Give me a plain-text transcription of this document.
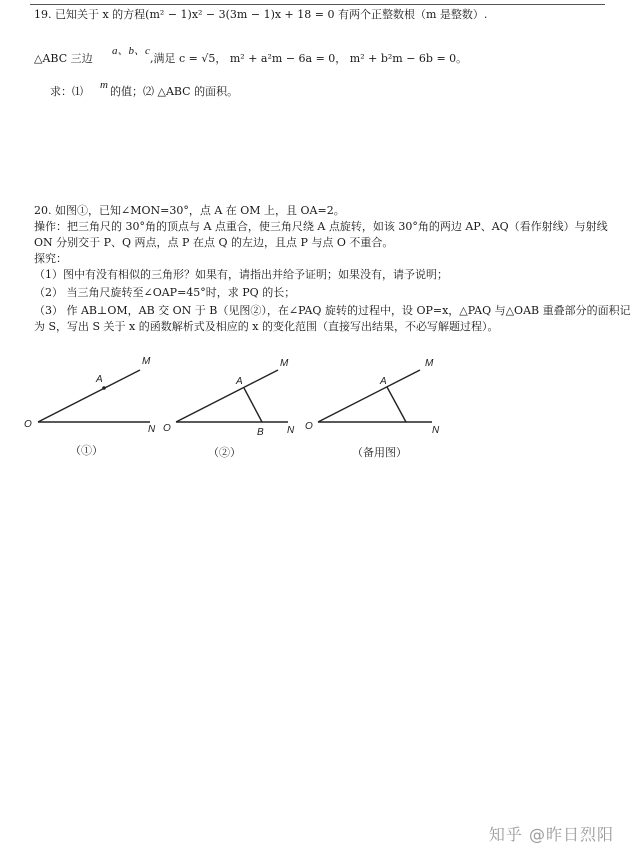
19. 已知关于 x 的方程(m² − 1)x² − 3(3m − 1)x + 18 = 0 有两个正整数根（m 是整数）.
△ABC 三边
a、b、c
,满足 c = √5， m² + a²m − 6a = 0， m² + b²m − 6b = 0。
求：⑴ m 的值；⑵ △ABC 的面积。
20. 如图①，已知∠MON=30°，点 A 在 OM 上，且 OA=2。
操作：把三角尺的 30°角的顶点与 A 点重合，使三角尺绕 A 点旋转，如该 30°角的两边 AP、AQ（看作射线）与射线
ON 分别交于 P、Q 两点，点 P 在点 Q 的左边，且点 P 与点 O 不重合。
探究：
（1）图中有没有相似的三角形？如果有，请指出并给予证明；如果没有，请予说明；
（2） 当三角尺旋转至∠OAP=45°时，求 PQ 的长；
（3） 作 AB⊥OM，AB 交 ON 于 B（见图②），在∠PAQ 旋转的过程中，设 OP=x，△PAQ 与△OAB 重叠部分的面积记
为 S，写出 S 关于 x 的函数解析式及相应的 x 的变化范围（直接写出结果，不必写解题过程）。
O
A
M
N O
A
M
N
B
O
A
M
N
（①）	（②）	（备用图）
知乎 @昨日烈阳
